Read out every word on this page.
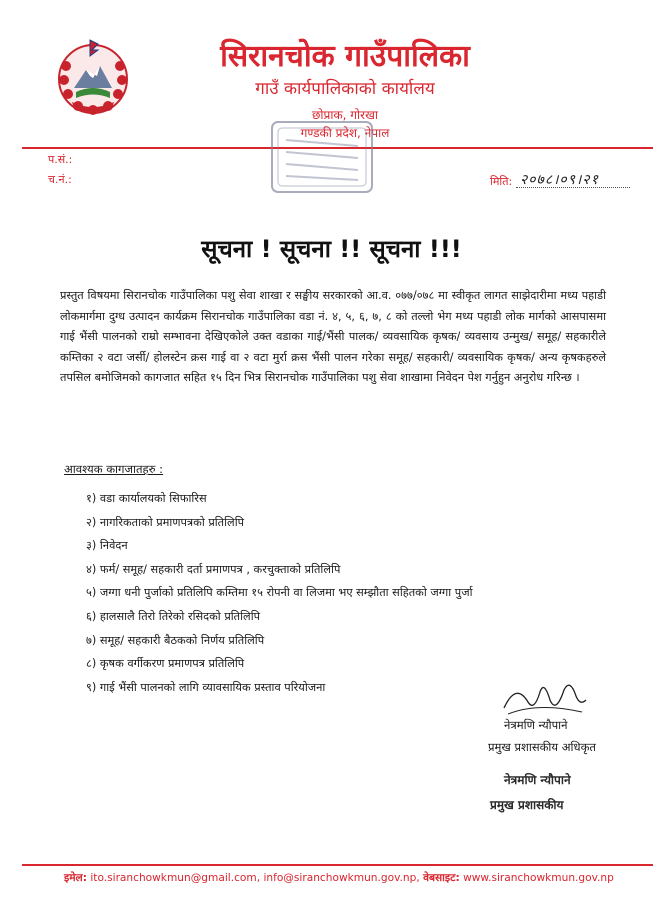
सिरानचोक गाउँपालिका
गाउँ कार्यपालिकाको कार्यालय
छोप्राक, गोरखा
गण्डकी प्रदेश, नेपाल
प.सं.:
च.नं.:	मिति: २०७८।०९।२१
सूचना ! सूचना !! सूचना !!!
प्रस्तुत विषयमा सिरानचोक गाउँपालिका पशु सेवा शाखा र सङ्घीय सरकारको आ.व. ०७७/०७८ मा स्वीकृत लागत साझेदारीमा मध्य पहाडी लोकमार्गमा दुग्ध उत्पादन कार्यक्रम सिरानचोक गाउँपालिका वडा नं. ४, ५, ६, ७, ८ को तल्लो भेग मध्य पहाडी लोक मार्गको आसपासमा गाई भैंसी पालनको राम्रो सम्भावना देखिएकोले उक्त वडाका गाई/भैंसी पालक/ व्यवसायिक कृषक/ व्यवसाय उन्मुख/ समूह/ सहकारीले कम्तिका २ वटा जर्सी/ होलस्टेन क्रस गाई वा २ वटा मुर्रा क्रस भैंसी पालन गरेका समूह/ सहकारी/ व्यवसायिक कृषक/ अन्य कृषकहरुले तपसिल बमोजिमको कागजात सहित १५ दिन भित्र सिरानचोक गाउँपालिका पशु सेवा शाखामा निवेदन पेश गर्नुहुन अनुरोध गरिन्छ ।
आवश्यक कागजातहरु :
१) वडा कार्यालयको सिफारिस
२) नागरिकताको प्रमाणपत्रको प्रतिलिपि
३) निवेदन
४) फर्म/ समूह/ सहकारी दर्ता प्रमाणपत्र , करचुक्ताको प्रतिलिपि
५) जग्गा धनी पुर्जाको प्रतिलिपि कम्तिमा १५ रोपनी वा लिजमा भए सम्झौता सहितको जग्गा पुर्जा
६) हालसालै तिरो तिरेको रसिदको प्रतिलिपि
७) समूह/ सहकारी बैठकको निर्णय प्रतिलिपि
८) कृषक वर्गीकरण प्रमाणपत्र प्रतिलिपि
९) गाई भैंसी पालनको लागि व्यावसायिक प्रस्ताव परियोजना
नेत्रमणि न्यौपाने
प्रमुख प्रशासकीय अधिकृत
नेत्रमणि न्यौपाने
प्रमुख प्रशासकीय
इमेल: ito.siranchowkmun@gmail.com, info@siranchowkmun.gov.np, वेबसाइट: www.siranchowkmun.gov.np
